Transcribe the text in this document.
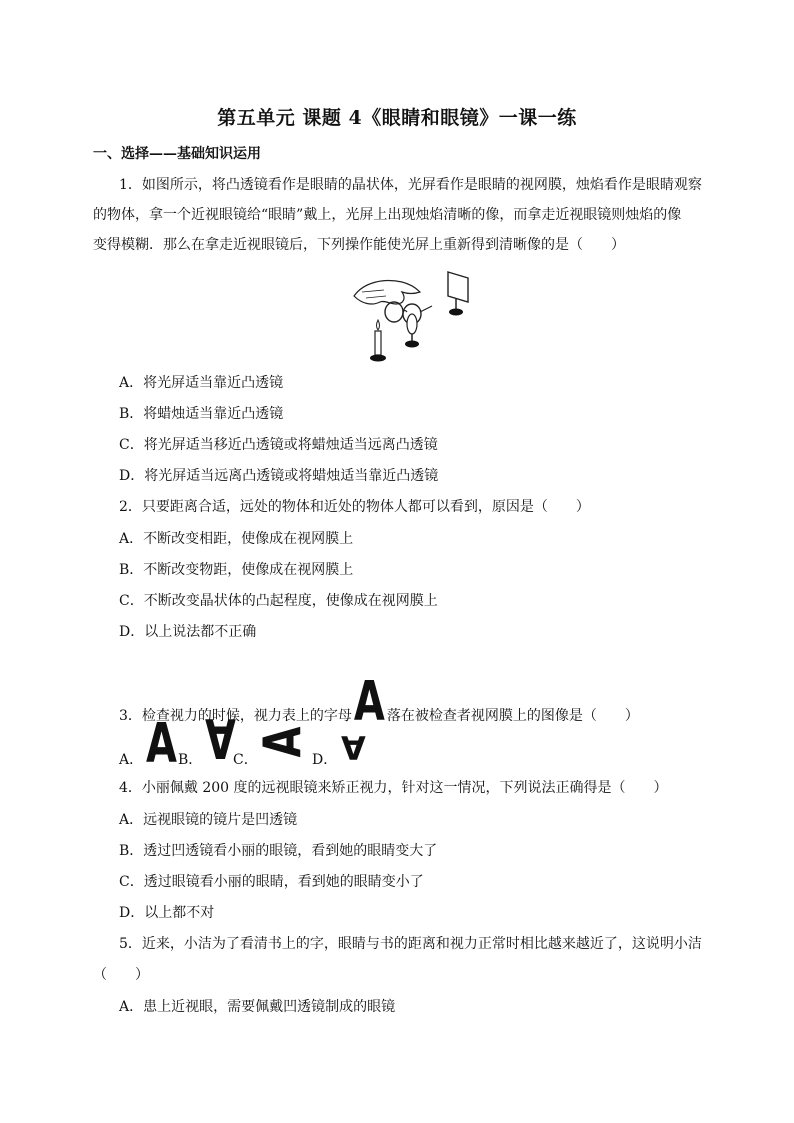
第五单元 课题 4《眼睛和眼镜》一课一练
一、选择——基础知识运用
1．如图所示，将凸透镜看作是眼睛的晶状体，光屏看作是眼睛的视网膜，烛焰看作是眼睛观察
的物体，拿一个近视眼镜给“眼睛”戴上，光屏上出现烛焰清晰的像，而拿走近视眼镜则烛焰的像
变得模糊．那么在拿走近视眼镜后，下列操作能使光屏上重新得到清晰像的是（　　）
A．将光屏适当靠近凸透镜
B．将蜡烛适当靠近凸透镜
C．将光屏适当移近凸透镜或将蜡烛适当远离凸透镜
D．将光屏适当远离凸透镜或将蜡烛适当靠近凸透镜
2．只要距离合适，远处的物体和近处的物体人都可以看到，原因是（　　）
A．不断改变相距，使像成在视网膜上
B．不断改变物距，使像成在视网膜上
C．不断改变晶状体的凸起程度，使像成在视网膜上
D．以上说法都不正确
3．检查视力的时候，视力表上的字母A 落在被检查者视网膜上的图像是（　　）
A． A B． A
C．
A
D． A
4．小丽佩戴 200 度的远视眼镜来矫正视力，针对这一情况，下列说法正确得是（　　）
A．远视眼镜的镜片是凹透镜
B．透过凹透镜看小丽的眼镜，看到她的眼睛变大了
C．透过眼镜看小丽的眼睛，看到她的眼睛变小了
D．以上都不对
5．近来，小洁为了看清书上的字，眼睛与书的距离和视力正常时相比越来越近了，这说明小洁
（　　）
A．患上近视眼，需要佩戴凹透镜制成的眼镜
